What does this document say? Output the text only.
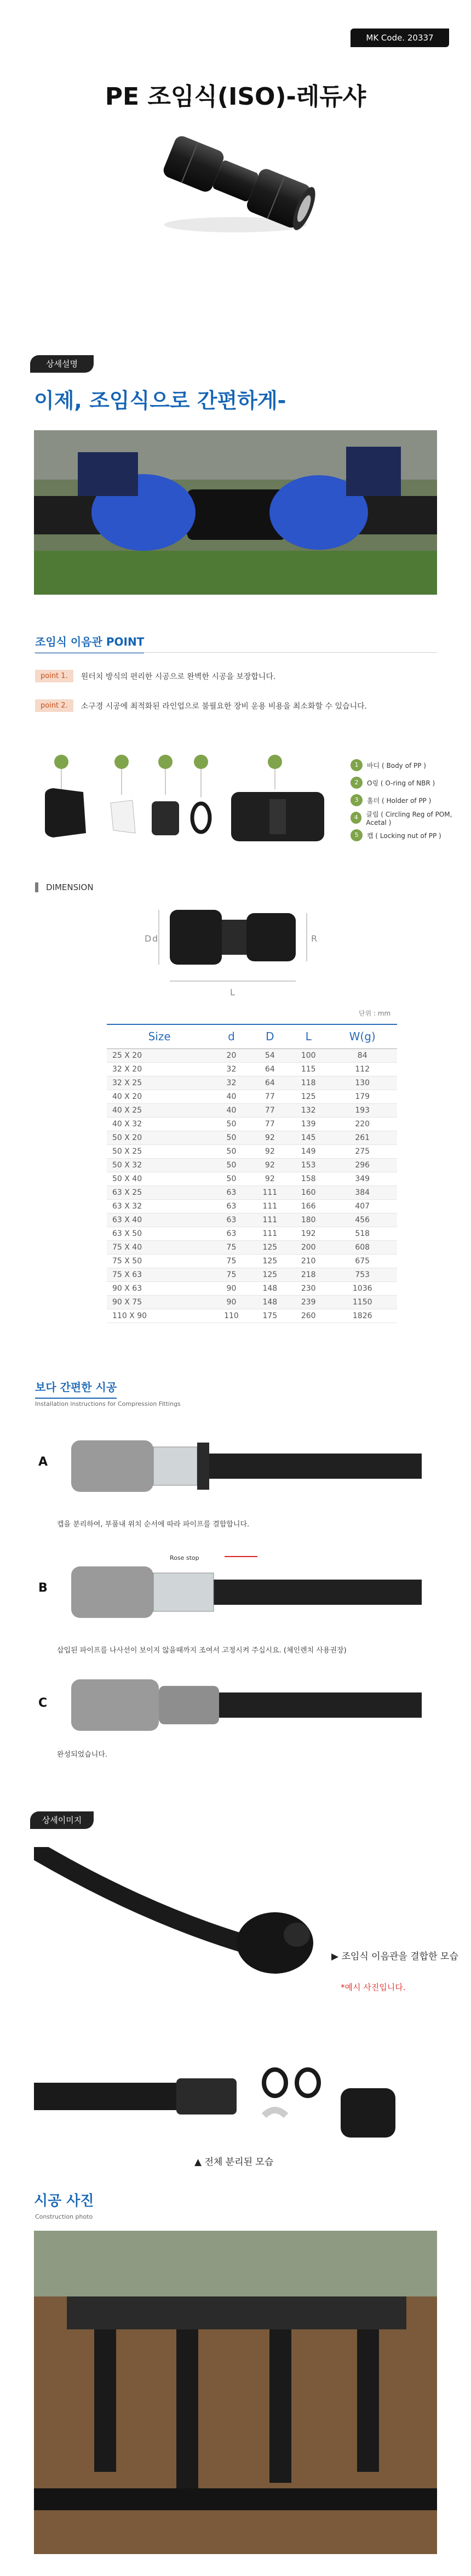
MK Code. 20337
PE 조임식(ISO)-레듀샤
상세설명
이제, 조임식으로 간편하게-
조임식 이음관 POINT
point 1.	원터치 방식의 편리한 시공으로 완벽한 시공을 보장합니다.
point 2.	소구경 시공에 최적화된 라인업으로 불필요한 장비 운용 비용을 최소화할 수 있습니다.
1	바디 ( Body of PP )
2	O링 ( O-ring of NBR )
3	홀더 ( Holder of PP )
4	클립 ( Circling Reg of POM, Acetal )
5	캡 ( Locking nut of PP )
DIMENSION
D d	R
L
단위 : mm
Size	d	D	L	W(g)
25 X 20	20	54	100	84
32 X 20	32	64	115	112
32 X 25	32	64	118	130
40 X 20	40	77	125	179
40 X 25	40	77	132	193
40 X 32	50	77	139	220
50 X 20	50	92	145	261
50 X 25	50	92	149	275
50 X 32	50	92	153	296
50 X 40	50	92	158	349
63 X 25	63	111	160	384
63 X 32	63	111	166	407
63 X 40	63	111	180	456
63 X 50	63	111	192	518
75 X 40	75	125	200	608
75 X 50	75	125	210	675
75 X 63	75	125	218	753
90 X 63	90	148	230	1036
90 X 75	90	148	239	1150
110 X 90	110	175	260	1826
보다 간편한 시공
Installation instructions for Compression Fittings
A
캡을 분리하여, 부품내 위치 순서에 따라 파이프를 결합합니다.
Rose stop
B
삽입된 파이프를 나사선이 보이지 않을때까지 조여서 고정시켜 주십시요. (체인렌치 사용권장)
C
완성되었습니다.
상세이미지
▶ 조임식 이음관을 결합한 모습
*예시 사진입니다.
▲ 전체 분리된 모습
시공 사진
Construction photo
